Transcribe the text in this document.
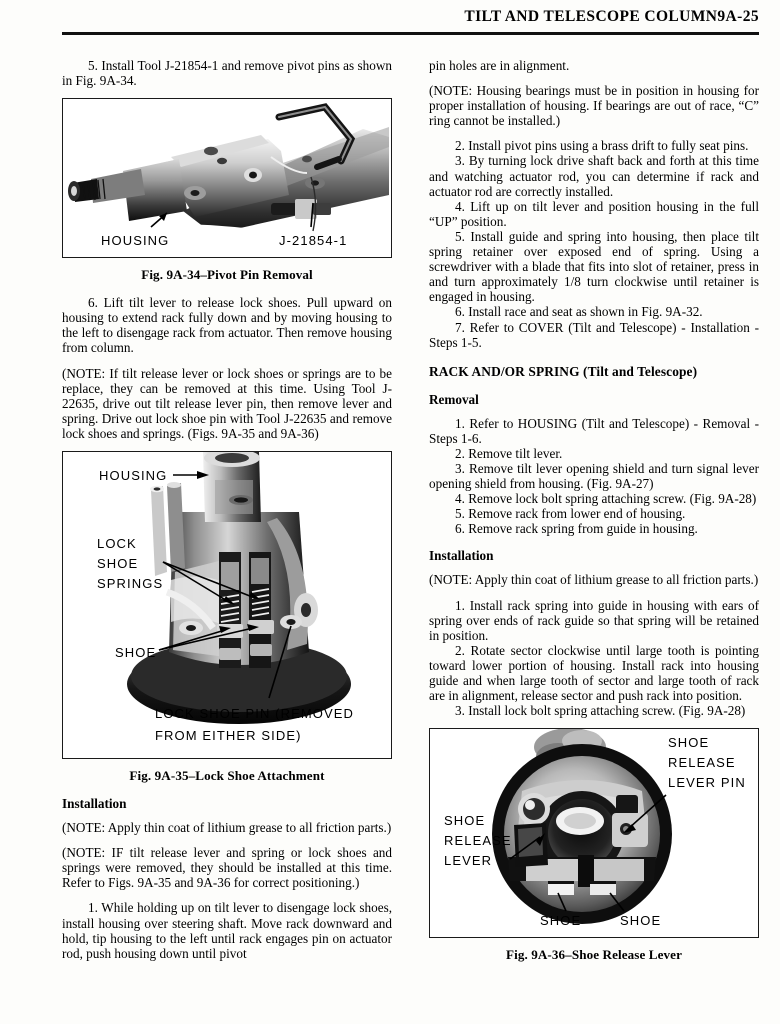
TILT AND TELESCOPE COLUMN9A-25

5. Install Tool J-21854-1 and remove pivot pins as shown in Fig. 9A-34.

HOUSING	J-21854-1
Fig. 9A-34–Pivot Pin Removal

6. Lift tilt lever to release lock shoes. Pull upward on housing to extend rack fully down and by moving housing to the left to disengage rack from actuator. Then remove housing from column.

(NOTE: If tilt release lever or lock shoes or springs are to be replace, they can be removed at this time. Using Tool J-22635, drive out tilt release lever pin, then remove lever and spring. Drive out lock shoe pin with Tool J-22635 and remove lock shoes and springs. (Figs. 9A-35 and 9A-36)

HOUSING
LOCK
SHOE
SPRINGS
SHOE
LOCK SHOE PIN (REMOVED
FROM EITHER SIDE)
Fig. 9A-35–Lock Shoe Attachment
Installation

(NOTE: Apply thin coat of lithium grease to all friction parts.)

(NOTE: IF tilt release lever and spring or lock shoes and springs were removed, they should be installed at this time. Refer to Figs. 9A-35 and 9A-36 for correct positioning.)

1. While holding up on tilt lever to disengage lock shoes, install housing over steering shaft. Move rack downward and hold, tip housing to the left until rack engages pin on actuator rod, push housing down until pivot

pin holes are in alignment.

(NOTE: Housing bearings must be in position in housing for proper installation of housing. If bearings are out of race, “C” ring cannot be installed.)

2. Install pivot pins using a brass drift to fully seat pins.

3. By turning lock drive shaft back and forth at this time and watching actuator rod, you can determine if rack and actuator rod are correctly installed.

4. Lift up on tilt lever and position housing in the full “UP” position.

5. Install guide and spring into housing, then place tilt spring retainer over exposed end of spring. Using a screwdriver with a blade that fits into slot of retainer, press in and turn approximately 1/8 turn clockwise until retainer is engaged in housing.

6. Install race and seat as shown in Fig. 9A-32.

7. Refer to COVER (Tilt and Telescope) - Installation - Steps 1-5.

RACK AND/OR SPRING (Tilt and Telescope)
Removal

1. Refer to HOUSING (Tilt and Telescope) - Removal - Steps 1-6.

2. Remove tilt lever.

3. Remove tilt lever opening shield and turn signal lever opening shield from housing. (Fig. 9A-27)

4. Remove lock bolt spring attaching screw. (Fig. 9A-28)

5. Remove rack from lower end of housing.

6. Remove rack spring from guide in housing.

Installation

(NOTE: Apply thin coat of lithium grease to all friction parts.)

1. Install rack spring into guide in housing with ears of spring over ends of rack guide so that spring will be retained in position.

2. Rotate sector clockwise until large tooth is pointing toward lower portion of housing. Install rack into housing guide and when large tooth of sector and large tooth of rack are in alignment, release sector and push rack into position.

3. Install lock bolt spring attaching screw. (Fig. 9A-28)

SHOE
RELEASE
LEVER PIN
SHOE
RELEASE
LEVER
SHOE	SHOE
Fig. 9A-36–Shoe Release Lever
